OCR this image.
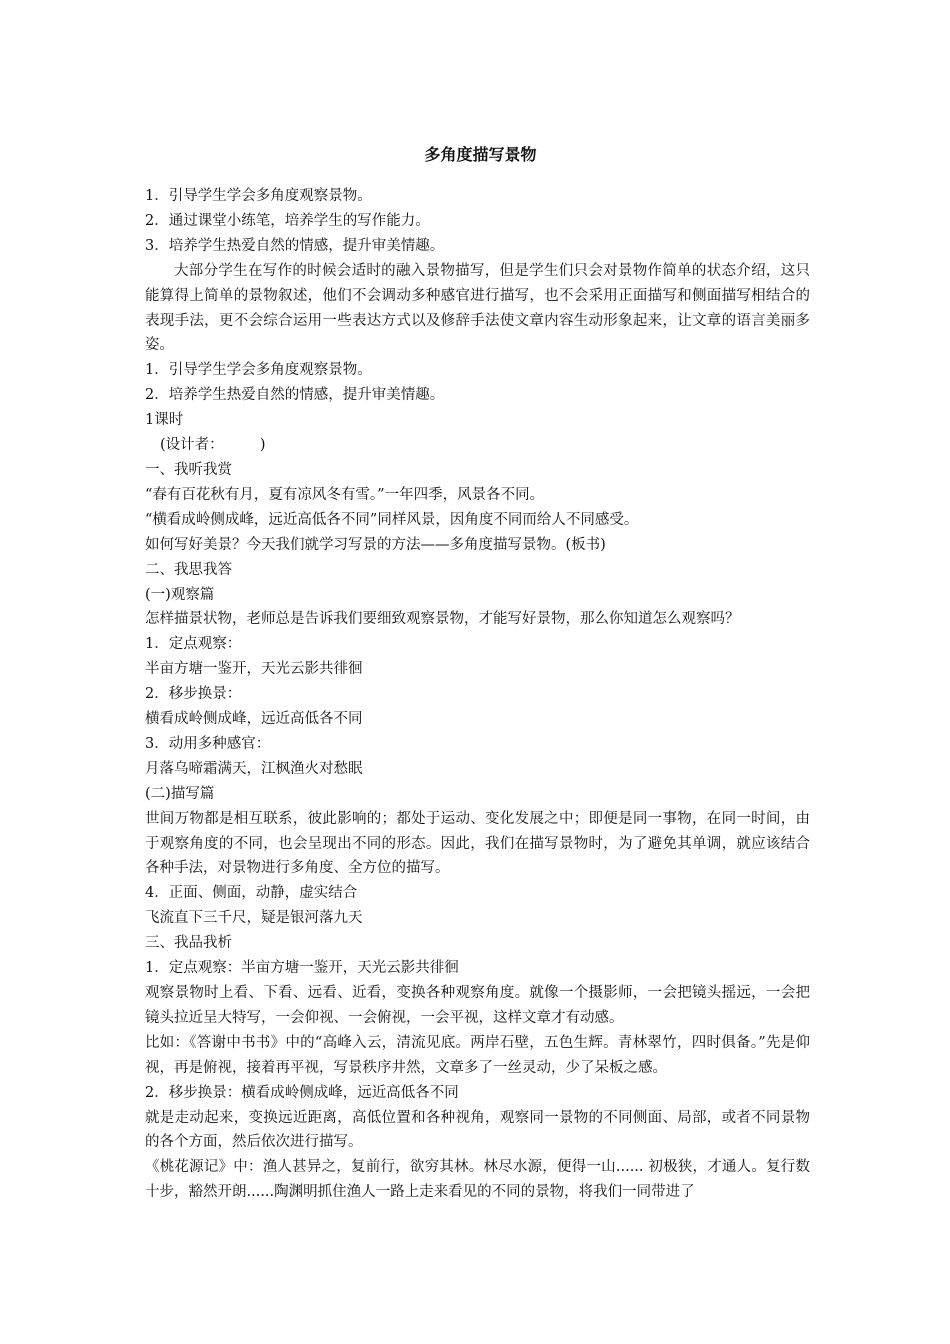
多角度描写景物
1．引导学生学会多角度观察景物。
2．通过课堂小练笔，培养学生的写作能力。
3．培养学生热爱自然的情感，提升审美情趣。
大部分学生在写作的时候会适时的融入景物描写，但是学生们只会对景物作简单的状态介绍，这只能算得上简单的景物叙述，他们不会调动多种感官进行描写，也不会采用正面描写和侧面描写相结合的表现手法，更不会综合运用一些表达方式以及修辞手法使文章内容生动形象起来，让文章的语言美丽多姿。
1．引导学生学会多角度观察景物。
2．培养学生热爱自然的情感，提升审美情趣。
1课时
(设计者：　　　)
一、我听我赏
“春有百花秋有月，夏有凉风冬有雪。”一年四季，风景各不同。
“横看成岭侧成峰，远近高低各不同”同样风景，因角度不同而给人不同感受。
如何写好美景？今天我们就学习写景的方法——多角度描写景物。(板书)
二、我思我答
(一)观察篇
怎样描景状物，老师总是告诉我们要细致观察景物，才能写好景物，那么你知道怎么观察吗？
1．定点观察：
半亩方塘一鉴开，天光云影共徘徊
2．移步换景：
横看成岭侧成峰，远近高低各不同
3．动用多种感官：
月落乌啼霜满天，江枫渔火对愁眠
(二)描写篇
世间万物都是相互联系，彼此影响的；都处于运动、变化发展之中；即便是同一事物，在同一时间，由于观察角度的不同，也会呈现出不同的形态。因此，我们在描写景物时，为了避免其单调，就应该结合各种手法，对景物进行多角度、全方位的描写。
4．正面、侧面，动静，虚实结合
飞流直下三千尺，疑是银河落九天
三、我品我析
1．定点观察：半亩方塘一鉴开，天光云影共徘徊
观察景物时上看、下看、远看、近看，变换各种观察角度。就像一个摄影师，一会把镜头摇远，一会把镜头拉近呈大特写，一会仰视、一会俯视，一会平视，这样文章才有动感。
比如：《答谢中书书》中的“高峰入云，清流见底。两岸石壁，五色生辉。青林翠竹，四时俱备。”先是仰视，再是俯视，接着再平视，写景秩序井然，文章多了一丝灵动，少了呆板之感。
2．移步换景：横看成岭侧成峰，远近高低各不同
就是走动起来，变换远近距离，高低位置和各种视角，观察同一景物的不同侧面、局部，或者不同景物的各个方面，然后依次进行描写。
《桃花源记》中：渔人甚异之，复前行，欲穷其林。林尽水源，便得一山...... 初极狭，才通人。复行数十步，豁然开朗......陶渊明抓住渔人一路上走来看见的不同的景物，将我们一同带进了
